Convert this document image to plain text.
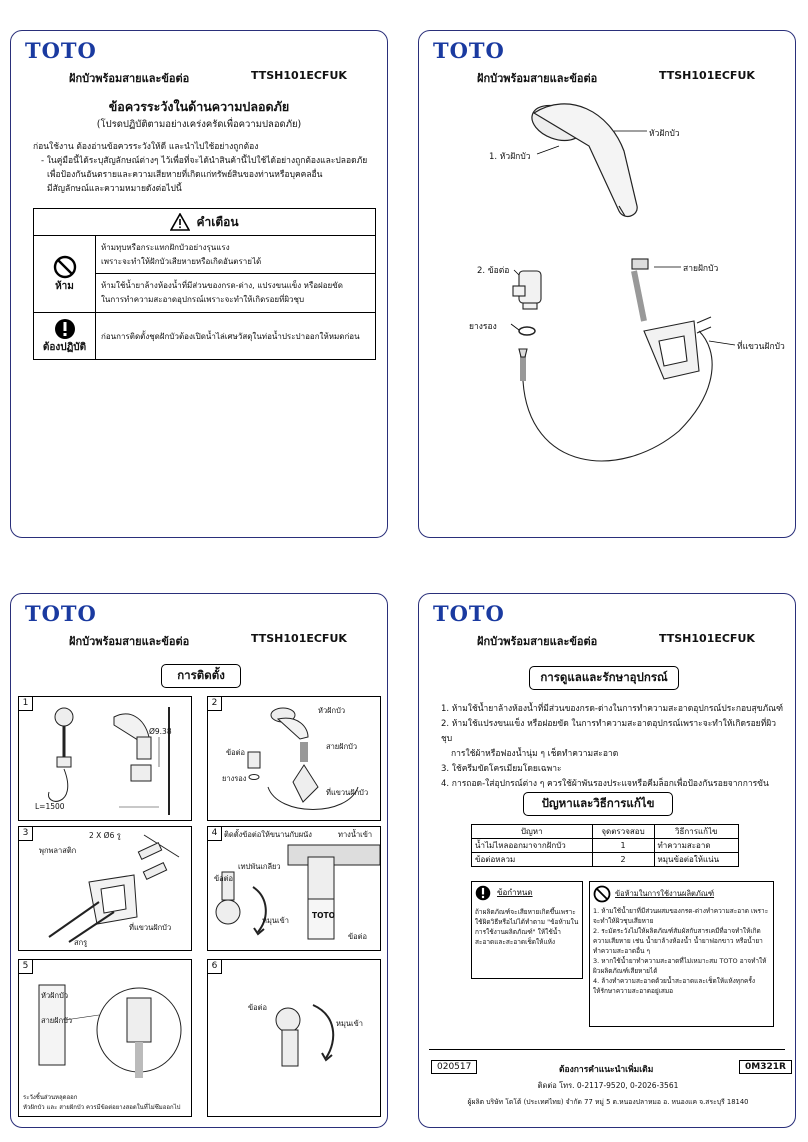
TOTO
ฝักบัวพร้อมสายและข้อต่อ	TTSH101ECFUK
ข้อควรระวังในด้านความปลอดภัย
(โปรดปฏิบัติตามอย่างเคร่งครัดเพื่อความปลอดภัย)
ก่อนใช้งาน ต้องอ่านข้อควรระวังให้ดี และนำไปใช้อย่างถูกต้อง
- ในคู่มือนี้ได้ระบุสัญลักษณ์ต่างๆ ไว้เพื่อที่จะได้นำสินค้านี้ไปใช้ได้อย่างถูกต้องและปลอดภัย
เพื่อป้องกันอันตรายและความเสียหายที่เกิดแก่ทรัพย์สินของท่านหรือบุคคลอื่น
มีสัญลักษณ์และความหมายดังต่อไปนี้
คำเตือน
ห้าม
ห้ามทุบหรือกระแทกฝักบัวอย่างรุนแรง
เพราะจะทำให้ฝักบัวเสียหายหรือเกิดอันตรายได้
ห้ามใช้น้ำยาล้างห้องน้ำที่มีส่วนของกรด-ด่าง, แปรงขนแข็ง หรือฝอยขัด
ในการทำความสะอาดอุปกรณ์เพราะจะทำให้เกิดรอยที่ผิวชุบ
ต้องปฏิบัติ
ก่อนการติดตั้งชุดฝักบัวต้องเปิดน้ำไล่เศษวัสดุในท่อน้ำประปาออกให้หมดก่อน
TOTO
ฝักบัวพร้อมสายและข้อต่อ	TTSH101ECFUK
หัวฝักบัว
1. หัวฝักบัว
2. ข้อต่อ
ยางรอง
สายฝักบัว
ที่แขวนฝักบัว
TOTO
ฝักบัวพร้อมสายและข้อต่อ	TTSH101ECFUK
การติดตั้ง
1
Ø9.38
L=1500
2
หัวฝักบัว
ข้อต่อ
สายฝักบัว
ยางรอง
ที่แขวนฝักบัว
3	2 X Ø6 รู
พุกพลาสติก
ที่แขวนฝักบัว
สกรู
4 ติดตั้งข้อต่อให้ขนานกับผนัง	ทางน้ำเข้า
เทปพันเกลียว
ข้อต่อ
หมุนเข้า
TOTO
ข้อต่อ
5
หัวฝักบัว
สายฝักบัว
ระวังชิ้นส่วนหลุดออก
หัวฝักบัว และ สายฝักบัว ควรมีข้อต่อยางสอดในที่ไม่ซึมออกไป
6
ข้อต่อ
หมุนเข้า
TOTO
ฝักบัวพร้อมสายและข้อต่อ	TTSH101ECFUK
การดูแลและรักษาอุปกรณ์
1. ห้ามใช้น้ำยาล้างห้องน้ำที่มีส่วนของกรด-ด่างในการทำความสะอาดอุปกรณ์ประกอบสุขภัณฑ์
2. ห้ามใช้แปรงขนแข็ง หรือฝอยขัด ในการทำความสะอาดอุปกรณ์เพราะจะทำให้เกิดรอยที่ผิวชุบ
การใช้ผ้าหรือฟองน้ำนุ่ม ๆ เช็ดทำความสะอาด
3. ใช้ครีมขัดโครเมียมโดยเฉพาะ
4. การถอด-ใส่อุปกรณ์ต่าง ๆ ควรใช้ผ้าพันรองประแจหรือคีมล็อกเพื่อป้องกันรอยจากการขัน
ปัญหาและวิธีการแก้ไข
ปัญหา	จุดตรวจสอบ	วิธีการแก้ไข
น้ำไม่ไหลออกมาจากฝักบัว	1	ทำความสะอาด
ข้อต่อหลวม	2	หมุนข้อต่อให้แน่น
ข้อกำหนด
ถ้าผลิตภัณฑ์จะเสียหายเกิดขึ้นเพราะใช้ผิดวิธีหรือไม่ได้ทำตาม "ข้อห้ามในการใช้งานผลิตภัณฑ์" ให้ใช้น้ำสะอาดและสะอาดเช็ดให้แห้ง
ข้อห้ามในการใช้งานผลิตภัณฑ์
1. ห้ามใช้น้ำยาที่มีส่วนผสมของกรด-ด่างทำความสะอาด เพราะจะทำให้ผิวชุบเสียหาย
2. ระมัดระวังไม่ให้ผลิตภัณฑ์สัมผัสกับสารเคมีที่อาจทำให้เกิดความเสียหาย เช่น น้ำยาล้างห้องน้ำ น้ำยาฟอกขาว หรือน้ำยาทำความสะอาดอื่น ๆ
3. หากใช้น้ำยาทำความสะอาดที่ไม่เหมาะสม TOTO อาจทำให้ผิวผลิตภัณฑ์เสียหายได้
4. ล้างทำความสะอาดด้วยน้ำสะอาดและเช็ดให้แห้งทุกครั้ง
ให้รักษาความสะอาดอยู่เสมอ
020517	ต้องการคำแนะนำเพิ่มเติม	0M321R
ติดต่อ โทร. 0-2117-9520, 0-2026-3561
ผู้ผลิต บริษัท โตโต้ (ประเทศไทย) จำกัด 77 หมู่ 5 ต.หนองปลาหมอ อ. หนองแค จ.สระบุรี 18140
